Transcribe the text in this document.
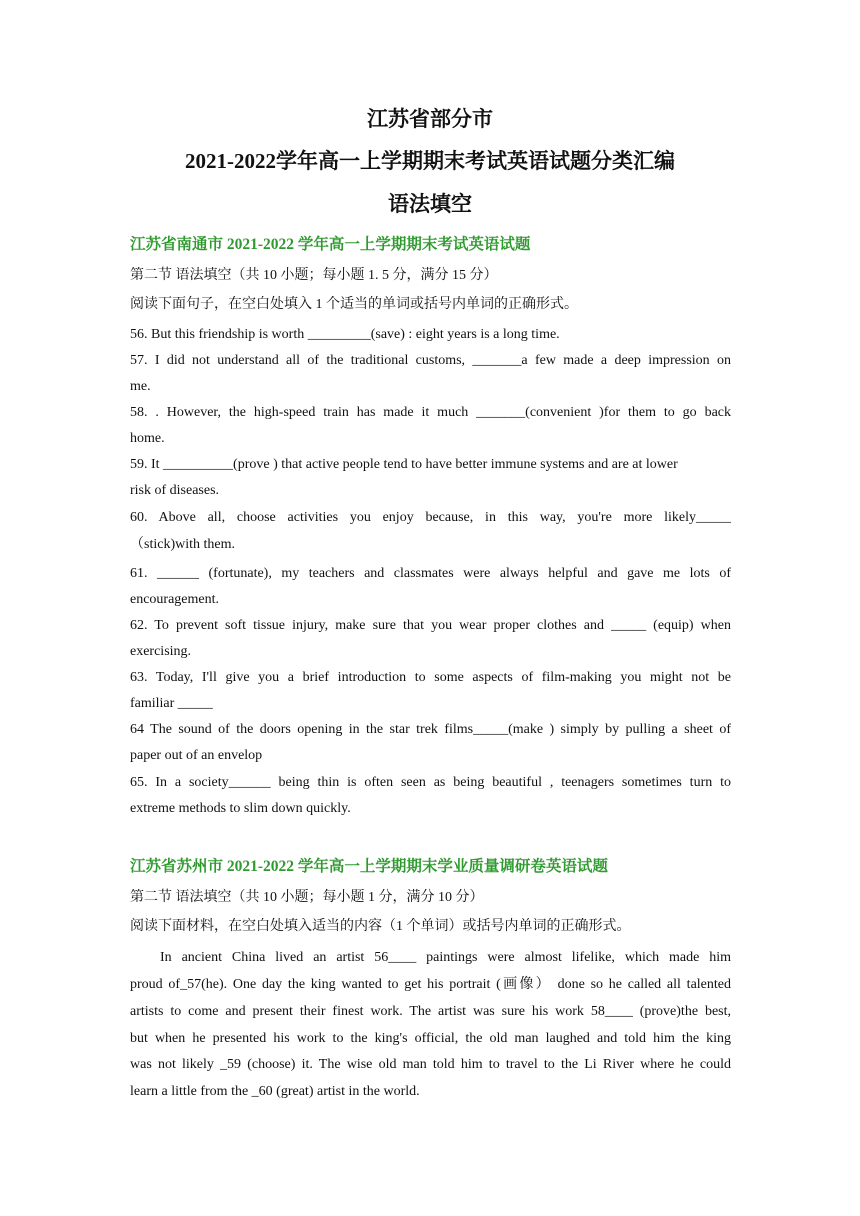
江苏省部分市
2021-2022学年高一上学期期末考试英语试题分类汇编
语法填空
江苏省南通市 2021-2022 学年高一上学期期末考试英语试题
第二节 语法填空（共 10 小题；每小题 1. 5 分，满分 15 分）
阅读下面句子，在空白处填入 1 个适当的单词或括号内单词的正确形式。
56. But this friendship is worth _________(save) : eight years is a long time.
57. I did not understand all of the traditional customs, _______a few made a deep impression on
me.
58. . However, the high-speed train has made it much _______(convenient )for them to go back
home.
59. It __________(prove ) that active people tend to have better immune systems and are at lower
risk of diseases.
60. Above all, choose activities you enjoy because, in this way, you're more likely_____
（stick)with them.
61. ______ (fortunate), my teachers and classmates were always helpful and gave me lots of
encouragement.
62. To prevent soft tissue injury, make sure that you wear proper clothes and _____ (equip) when
exercising.
63. Today, I'll give you a brief introduction to some aspects of film-making you might not be
familiar _____
64 The sound of the doors opening in the star trek films_____(make ) simply by pulling a sheet of
paper out of an envelop
65. In a society______ being thin is often seen as being beautiful , teenagers sometimes turn to
extreme methods to slim down quickly.
江苏省苏州市 2021-2022 学年高一上学期期末学业质量调研卷英语试题
第二节 语法填空（共 10 小题；每小题 1 分，满分 10 分）
阅读下面材料，在空白处填入适当的内容（1 个单词）或括号内单词的正确形式。
In ancient China lived an artist 56____ paintings were almost lifelike, which made him
proud of_57(he). One day the king wanted to get his portrait (画像） done so he called all talented
artists to come and present their finest work. The artist was sure his work 58____ (prove)the best,
but when he presented his work to the king's official, the old man laughed and told him the king
was not likely _59 (choose) it. The wise old man told him to travel to the Li River where he could
learn a little from the _60 (great) artist in the world.
